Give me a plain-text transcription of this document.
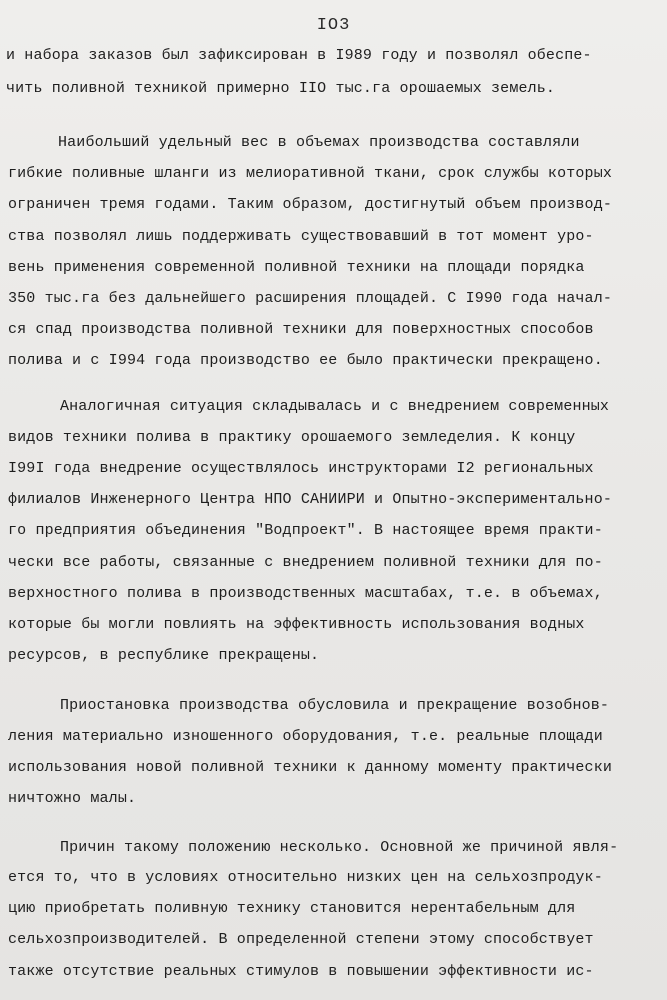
IO3
и набора заказов был зафиксирован в I989 году и позволял обеспе-
чить поливной техникой примерно IIO тыс.га орошаемых земель.
Наибольший удельный вес в объемах производства составляли
гибкие поливные шланги из мелиоративной ткани, срок службы которых
ограничен тремя годами. Таким образом, достигнутый объем производ-
ства позволял лишь поддерживать существовавший в тот момент уро-
вень применения современной поливной техники на площади порядка
350 тыс.га без дальнейшего расширения площадей. С I990 года начал-
ся спад производства поливной техники для поверхностных способов
полива и с I994 года производство ее было практически прекращено.
Аналогичная ситуация складывалась и с внедрением современных
видов техники полива в практику орошаемого земледелия. К концу
I99I года внедрение осуществлялось инструкторами I2 региональных
филиалов Инженерного Центра НПО САНИИРИ и Опытно-экспериментально-
го предприятия объединения "Водпроект". В настоящее время практи-
чески все работы, связанные с внедрением поливной техники для по-
верхностного полива в производственных масштабах, т.е. в объемах,
которые бы могли повлиять на эффективность использования водных
ресурсов, в республике прекращены.
Приостановка производства обусловила и прекращение возобнов-
ления материально изношенного оборудования, т.е. реальные площади
использования новой поливной техники к данному моменту практически
ничтожно малы.
Причин такому положению несколько. Основной же причиной явля-
ется то, что в условиях относительно низких цен на сельхозпродук-
цию приобретать поливную технику становится нерентабельным для
сельхозпроизводителей. В определенной степени этому способствует
также отсутствие реальных стимулов в повышении эффективности ис-
